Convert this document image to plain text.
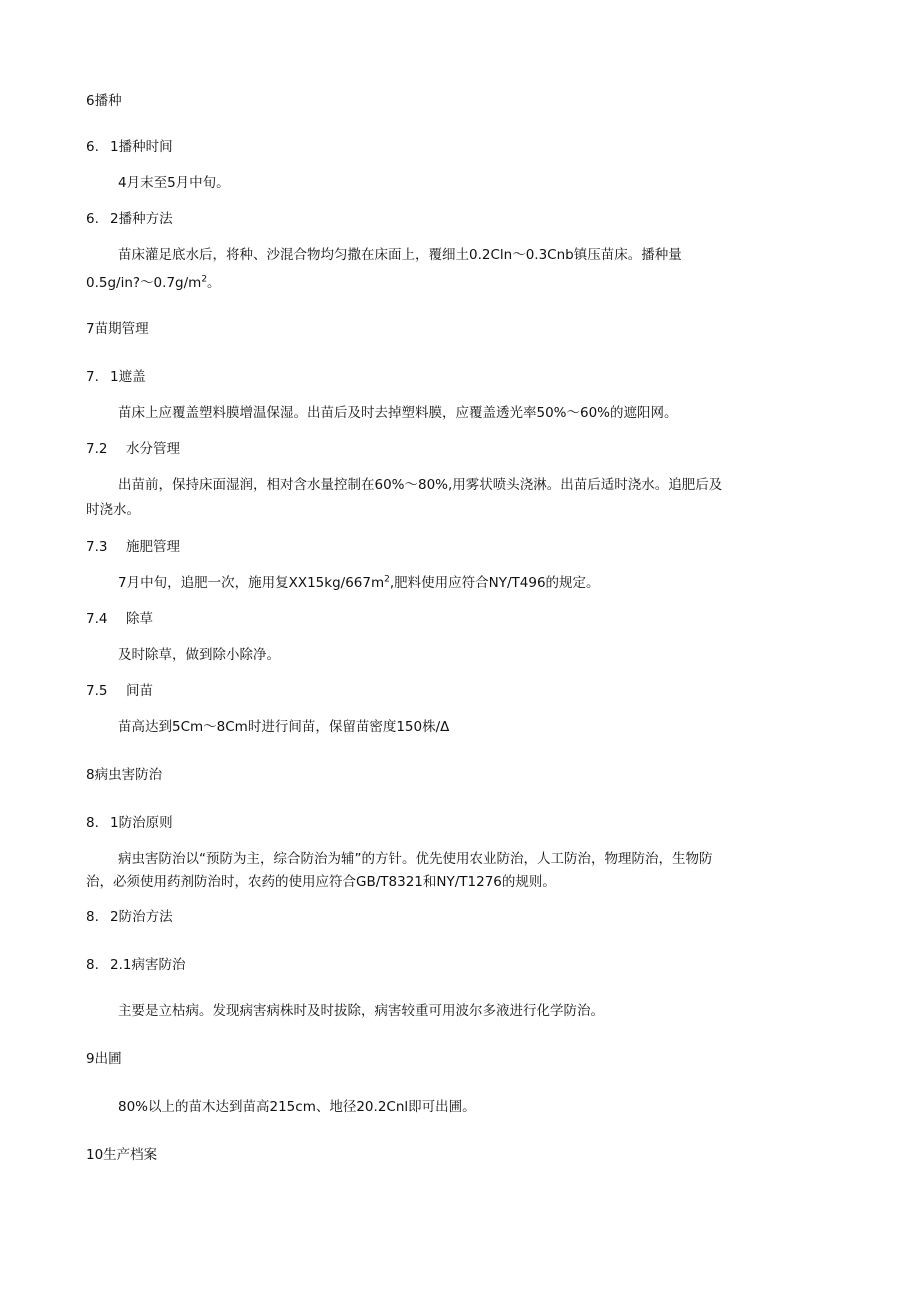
6播种
6. 1播种时间
4月末至5月中旬。
6. 2播种方法
苗床灌足底水后，将种、沙混合物均匀撒在床面上，覆细土0.2Cln～0.3Cnb镇压苗床。播种量
$0.5g/in?\sim 0.7g∕m^2$。
7苗期管理
7. 1遮盖
苗床上应覆盖塑料膜增温保湿。出苗后及时去掉塑料膜，应覆盖透光率50%～60%的遮阳网。
7.2 水分管理
出苗前，保持床面湿润，相对含水量控制在60%～80%,用雾状喷头浇淋。出苗后适时浇水。追肥后及
时浇水。
7.3 施肥管理
7月中旬，追肥一次，施用复$XX15kg∕667m^2$,肥料使用应符合NY/T496的规定。
7.4 除草
及时除草，做到除小除净。
7.5 间苗
苗高达到5Cm～8Cm时进行间苗，保留苗密度150株∕Δ
8病虫害防治
8. 1防治原则
病虫害防治以“预防为主，综合防治为辅”的方针。优先使用农业防治，人工防治，物理防治，生物防
治，必须使用药剂防治时，农药的使用应符合GB/T8321和NY/T1276的规则。
8. 2防治方法
8. 2.1病害防治
主要是立枯病。发现病害病株时及时拔除，病害较重可用波尔多液进行化学防治。
9出圃
80%以上的苗木达到苗高215cm、地径20.2Cnl即可出圃。
10生产档案
